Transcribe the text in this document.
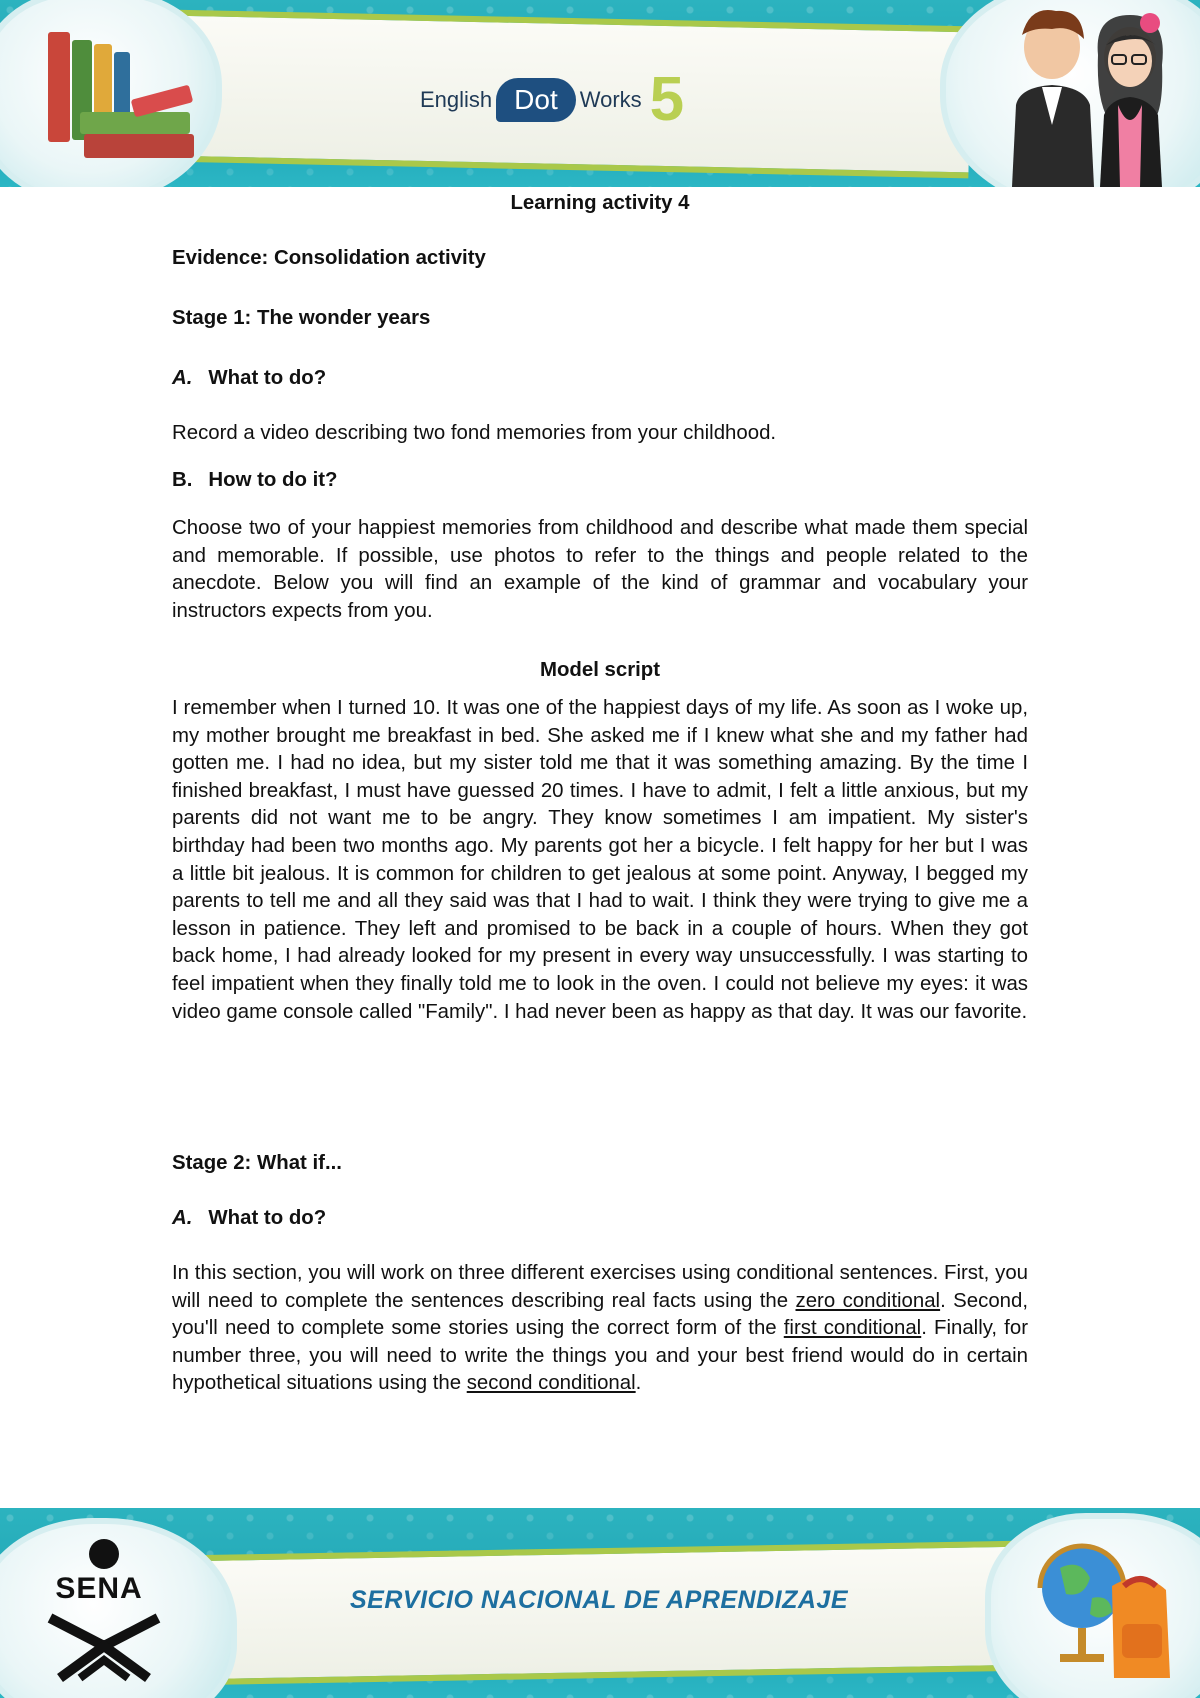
English Dot	Works 5
Learning activity 4
Evidence: Consolidation activity
Stage 1: The wonder years
A. What to do?
Record a video describing two fond memories from your childhood.
B. How to do it?
Choose two of your happiest memories from childhood and describe what made them special and memorable. If possible, use photos to refer to the things and people related to the anecdote. Below you will find an example of the kind of grammar and vocabulary your instructors expects from you.
Model script
I remember when I turned 10. It was one of the happiest days of my life. As soon as I woke up, my mother brought me breakfast in bed. She asked me if I knew what she and my father had gotten me. I had no idea, but my sister told me that it was something amazing. By the time I finished breakfast, I must have guessed 20 times. I have to admit, I felt a little anxious, but my parents did not want me to be angry. They know sometimes I am impatient. My sister's birthday had been two months ago. My parents got her a bicycle. I felt happy for her but I was a little bit jealous. It is common for children to get jealous at some point. Anyway, I begged my parents to tell me and all they said was that I had to wait. I think they were trying to give me a lesson in patience. They left and promised to be back in a couple of hours. When they got back home, I had already looked for my present in every way unsuccessfully. I was starting to feel impatient when they finally told me to look in the oven. I could not believe my eyes: it was video game console called "Family". I had never been as happy as that day. It was our favorite.
Stage 2: What if...
A. What to do?
In this section, you will work on three different exercises using conditional sentences. First, you will need to complete the sentences describing real facts using the zero conditional. Second, you'll need to complete some stories using the correct form of the first conditional. Finally, for number three, you will need to write the things you and your best friend would do in certain hypothetical situations using the second conditional.
SENA	SERVICIO NACIONAL DE APRENDIZAJE
